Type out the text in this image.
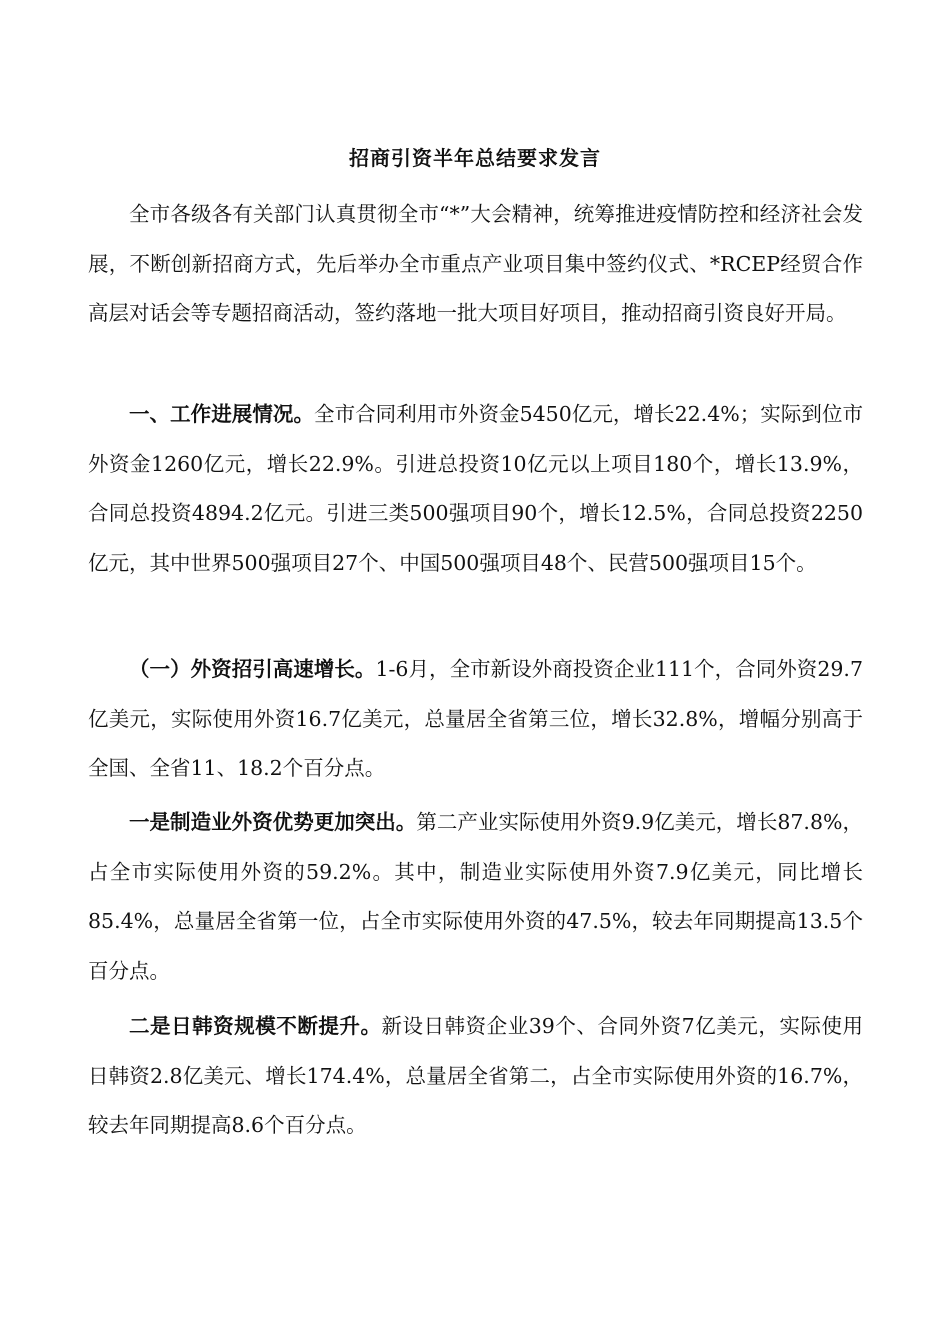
招商引资半年总结要求发言

全市各级各有关部门认真贯彻全市“*”大会精神，统筹推进疫情防控和经济社会发展，不断创新招商方式，先后举办全市重点产业项目集中签约仪式、*RCEP经贸合作高层对话会等专题招商活动，签约落地一批大项目好项目，推动招商引资良好开局。

一、工作进展情况。全市合同利用市外资金5450亿元，增长22.4%；实际到位市外资金1260亿元，增长22.9%。引进总投资10亿元以上项目180个，增长13.9%，合同总投资4894.2亿元。引进三类500强项目90个，增长12.5%，合同总投资2250亿元，其中世界500强项目27个、中国500强项目48个、民营500强项目15个。

（一）外资招引高速增长。1-6月，全市新设外商投资企业111个，合同外资29.7亿美元，实际使用外资16.7亿美元，总量居全省第三位，增长32.8%，增幅分别高于全国、全省11、18.2个百分点。

一是制造业外资优势更加突出。第二产业实际使用外资9.9亿美元，增长87.8%，占全市实际使用外资的59.2%。其中，制造业实际使用外资7.9亿美元，同比增长85.4%，总量居全省第一位，占全市实际使用外资的47.5%，较去年同期提高13.5个百分点。

二是日韩资规模不断提升。新设日韩资企业39个、合同外资7亿美元，实际使用日韩资2.8亿美元、增长174.4%，总量居全省第二，占全市实际使用外资的16.7%，较去年同期提高8.6个百分点。
